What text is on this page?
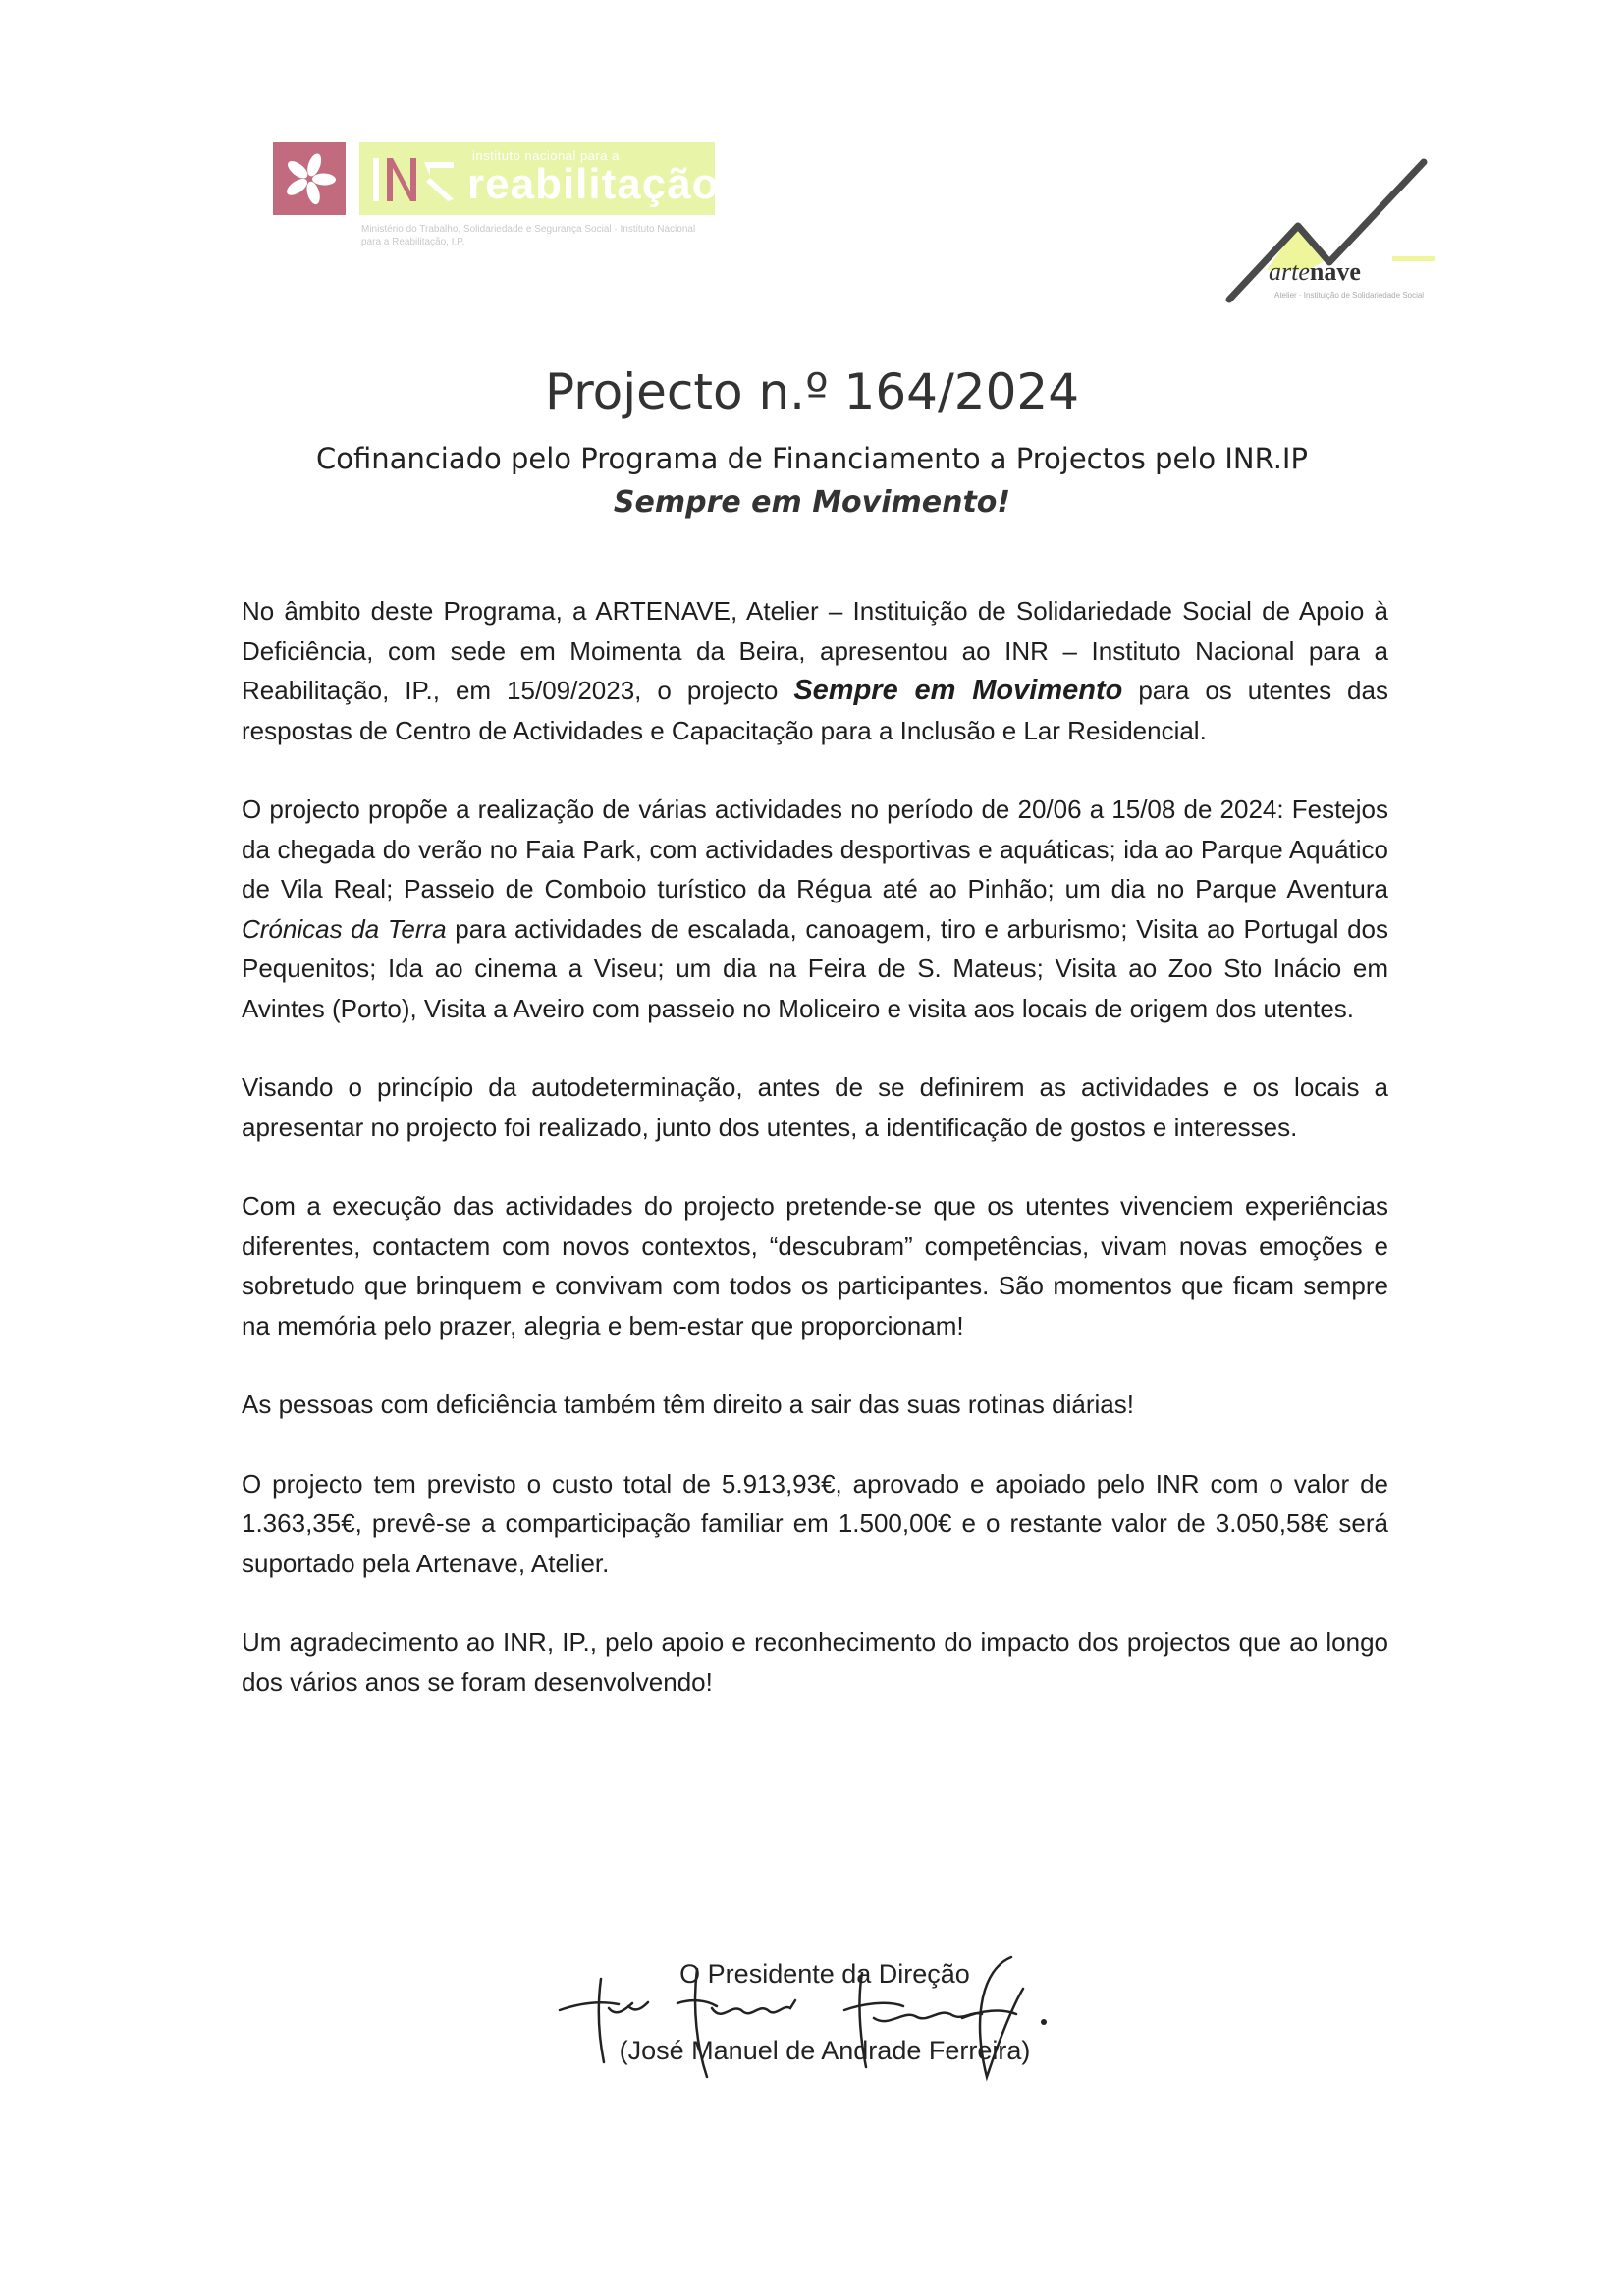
instituto nacional para a
reabilitação
Ministério do Trabalho, Solidariedade e Segurança Social · Instituto Nacional para a Reabilitação, I.P.
artenave
Atelier · Instituição de Solidariedade Social
Projecto n.º 164/2024
Cofinanciado pelo Programa de Financiamento a Projectos pelo INR.IP
Sempre em Movimento!

No âmbito deste Programa, a ARTENAVE, Atelier – Instituição de Solidariedade Social de Apoio à Deficiência, com sede em Moimenta da Beira, apresentou ao INR – Instituto Nacional para a Reabilitação, IP., em 15/09/2023, o projecto Sempre em Movimento para os utentes das respostas de Centro de Actividades e Capacitação para a Inclusão e Lar Residencial.

O projecto propõe a realização de várias actividades no período de 20/06 a 15/08 de 2024: Festejos da chegada do verão no Faia Park, com actividades desportivas e aquáticas; ida ao Parque Aquático de Vila Real; Passeio de Comboio turístico da Régua até ao Pinhão; um dia no Parque Aventura Crónicas da Terra para actividades de escalada, canoagem, tiro e arburismo; Visita ao Portugal dos Pequenitos; Ida ao cinema a Viseu; um dia na Feira de S. Mateus; Visita ao Zoo Sto Inácio em Avintes (Porto), Visita a Aveiro com passeio no Moliceiro e visita aos locais de origem dos utentes.

Visando o princípio da autodeterminação, antes de se definirem as actividades e os locais a apresentar no projecto foi realizado, junto dos utentes, a identificação de gostos e interesses.

Com a execução das actividades do projecto pretende-se que os utentes vivenciem experiências diferentes, contactem com novos contextos, “descubram” competências, vivam novas emoções e sobretudo que brinquem e convivam com todos os participantes. São momentos que ficam sempre na memória pelo prazer, alegria e bem-estar que proporcionam!

As pessoas com deficiência também têm direito a sair das suas rotinas diárias!

O projecto tem previsto o custo total de 5.913,93€, aprovado e apoiado pelo INR com o valor de 1.363,35€, prevê-se a comparticipação familiar em 1.500,00€ e o restante valor de 3.050,58€ será suportado pela Artenave, Atelier.

Um agradecimento ao INR, IP., pelo apoio e reconhecimento do impacto dos projectos que ao longo dos vários anos se foram desenvolvendo!

O Presidente da Direção
(José Manuel de Andrade Ferreira)
